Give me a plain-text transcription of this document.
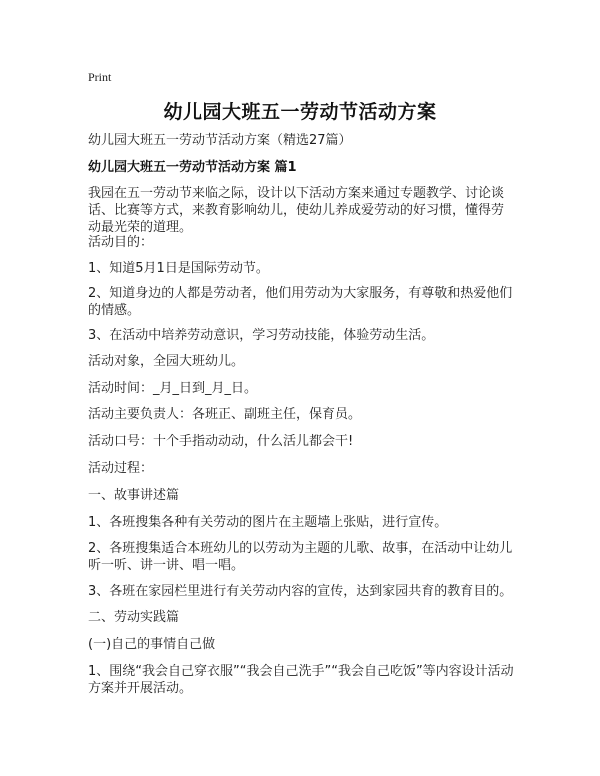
Print
幼儿园大班五一劳动节活动方案

幼儿园大班五一劳动节活动方案（精选27篇）

幼儿园大班五一劳动节活动方案 篇1

我园在五一劳动节来临之际，设计以下活动方案来通过专题教学、讨论谈话、比赛等方式，来教育影响幼儿，使幼儿养成爱劳动的好习惯，懂得劳动最光荣的道理。

活动目的：

1、知道5月1日是国际劳动节。

2、知道身边的人都是劳动者，他们用劳动为大家服务，有尊敬和热爱他们的情感。

3、在活动中培养劳动意识，学习劳动技能，体验劳动生活。

活动对象，全园大班幼儿。

活动时间：_月_日到_月_日。

活动主要负责人：各班正、副班主任，保育员。

活动口号：十个手指动动动，什么活儿都会干!

活动过程：

一、故事讲述篇

1、各班搜集各种有关劳动的图片在主题墙上张贴，进行宣传。

2、各班搜集适合本班幼儿的以劳动为主题的儿歌、故事，在活动中让幼儿听一听、讲一讲、唱一唱。

3、各班在家园栏里进行有关劳动内容的宣传，达到家园共育的教育目的。

二、劳动实践篇

(一)自己的事情自己做

1、围绕“我会自己穿衣服”“我会自己洗手”“我会自己吃饭”等内容设计活动方案并开展活动。
